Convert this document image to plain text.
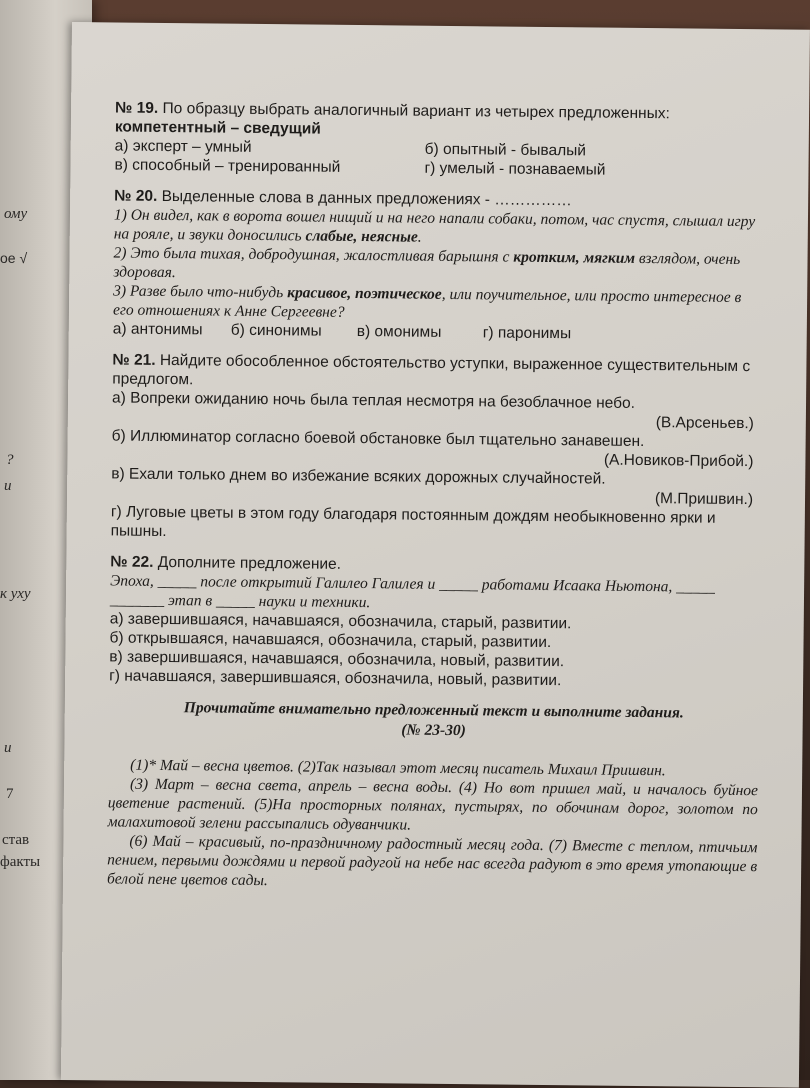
ому
ое √
?
и
к уху
и
7
став
факты
№ 19. По образцу выбрать аналогичный вариант из четырех предложенных:
компетентный – сведущий
а) эксперт – умный	б) опытный - бывалый
в) способный – тренированный	г) умелый - познаваемый
№ 20. Выделенные слова в данных предложениях - ……………
1) Он видел, как в ворота вошел нищий и на него напали собаки, потом, час спустя, слышал игру на рояле, и звуки доносились слабые, неясные.
2) Это была тихая, добродушная, жалостливая барышня с кротким, мягким взглядом, очень здоровая.
3) Разве было что-нибудь красивое, поэтическое, или поучительное, или просто интересное в его отношениях к Анне Сергеевне?
а) антонимы	б) синонимы	в) омонимы	г) паронимы
№ 21. Найдите обособленное обстоятельство уступки, выраженное существительным с предлогом.
а) Вопреки ожиданию ночь была теплая несмотря на безоблачное небо.
(В.Арсеньев.)
б) Иллюминатор согласно боевой обстановке был тщательно занавешен.
(А.Новиков-Прибой.)
в) Ехали только днем во избежание всяких дорожных случайностей.
(М.Пришвин.)
г) Луговые цветы в этом году благодаря постоянным дождям необыкновенно ярки и пышны.
№ 22. Дополните предложение.
Эпоха, _____ после открытий Галилео Галилея и _____ работами Исаака Ньютона, _____ _______ этап в _____ науки и техники.
а) завершившаяся, начавшаяся, обозначила, старый, развитии.
б) открывшаяся, начавшаяся, обозначила, старый, развитии.
в) завершившаяся, начавшаяся, обозначила, новый, развитии.
г) начавшаяся, завершившаяся, обозначила, новый, развитии.
Прочитайте внимательно предложенный текст и выполните задания.
(№ 23-30)

(1)* Май – весна цветов. (2)Так называл этот месяц писатель Михаил Пришвин.

(3) Март – весна света, апрель – весна воды. (4) Но вот пришел май, и началось буйное цветение растений. (5)На просторных полянах, пустырях, по обочинам дорог, золотом по малахитовой зелени рассыпались одуванчики.

(6) Май – красивый, по-праздничному радостный месяц года. (7) Вместе с теплом, птичьим пением, первыми дождями и первой радугой на небе нас всегда радуют в это время утопающие в белой пене цветов сады.
